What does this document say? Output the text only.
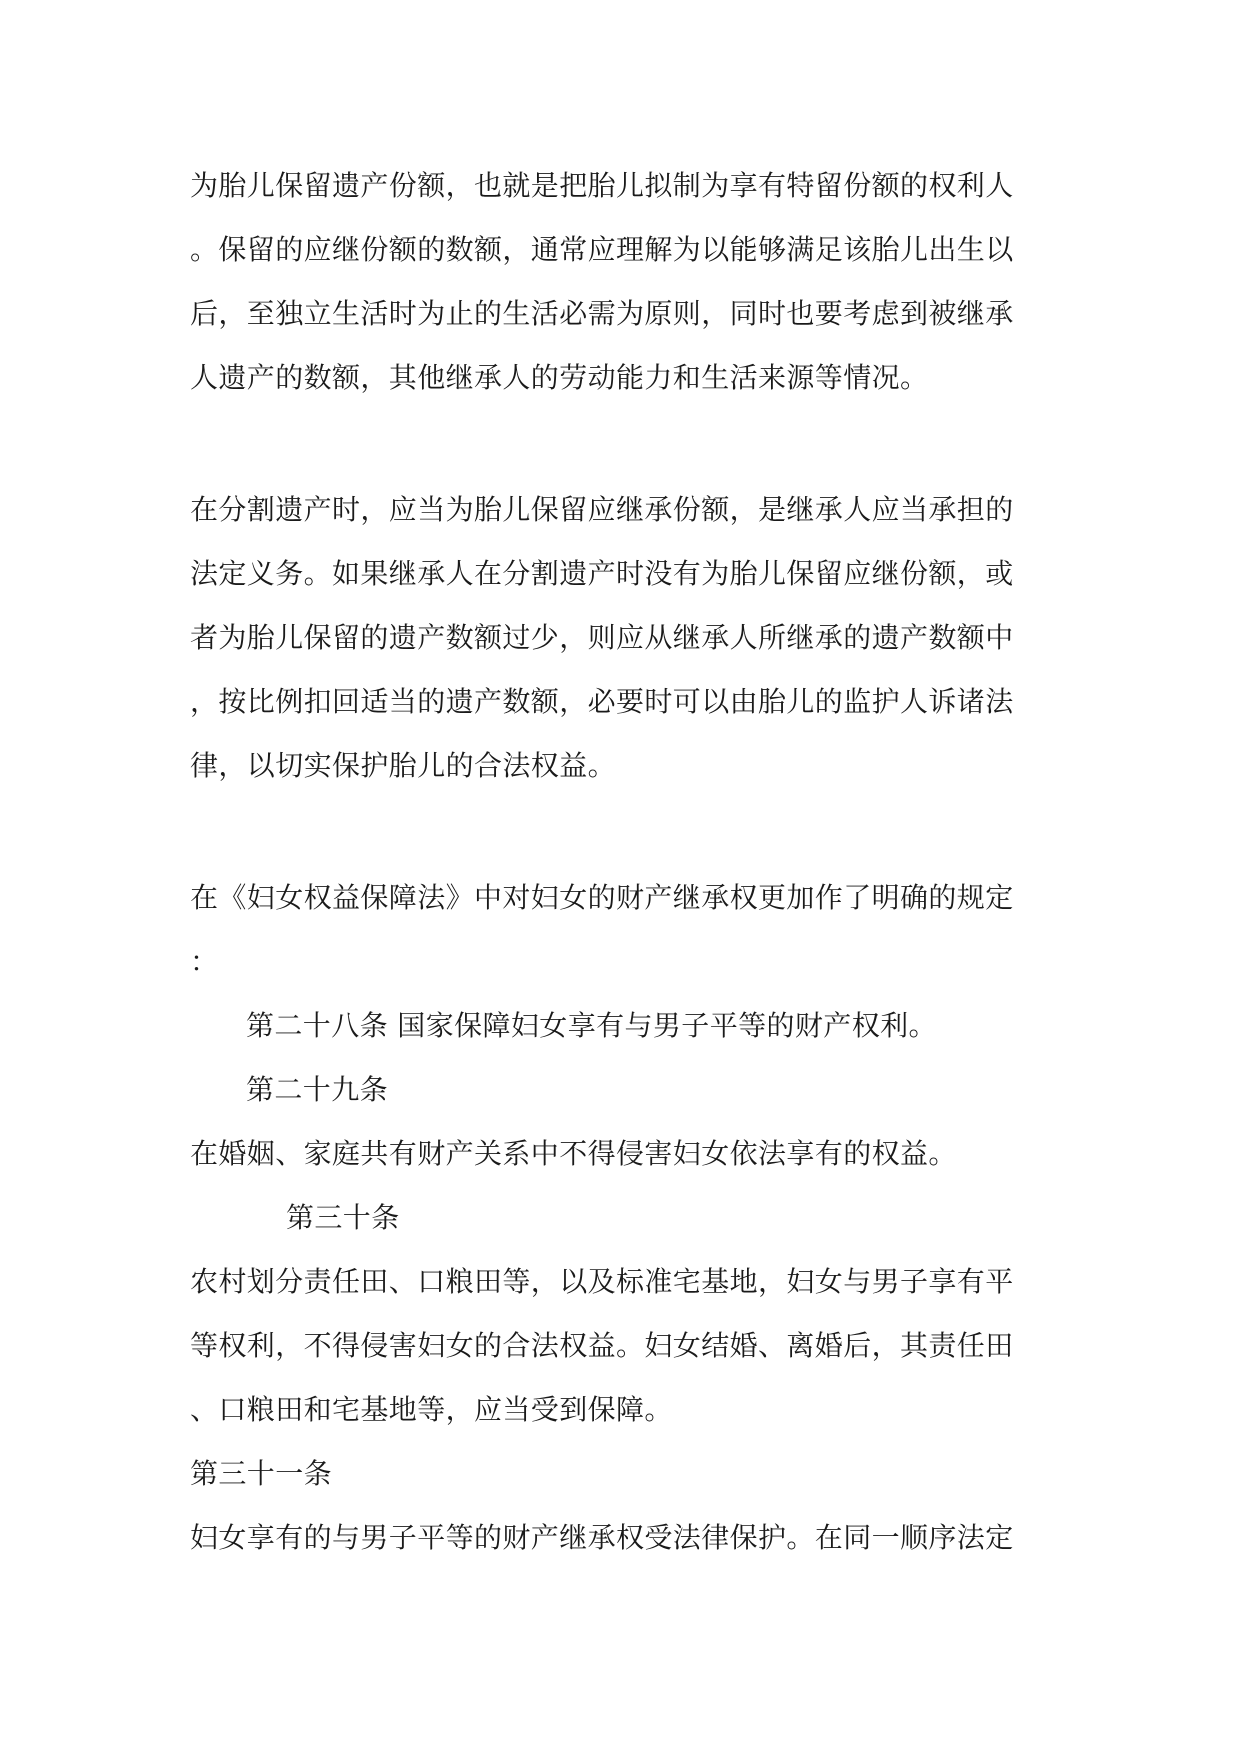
为胎儿保留遗产份额，也就是把胎儿拟制为享有特留份额的权利人
。保留的应继份额的数额，通常应理解为以能够满足该胎儿出生以
后，至独立生活时为止的生活必需为原则，同时也要考虑到被继承
人遗产的数额，其他继承人的劳动能力和生活来源等情况。
在分割遗产时，应当为胎儿保留应继承份额，是继承人应当承担的
法定义务。如果继承人在分割遗产时没有为胎儿保留应继份额，或
者为胎儿保留的遗产数额过少，则应从继承人所继承的遗产数额中
，按比例扣回适当的遗产数额，必要时可以由胎儿的监护人诉诸法
律，以切实保护胎儿的合法权益。
在《妇女权益保障法》中对妇女的财产继承权更加作了明确的规定
：
第二十八条 国家保障妇女享有与男子平等的财产权利。
第二十九条
在婚姻、家庭共有财产关系中不得侵害妇女依法享有的权益。
第三十条
农村划分责任田、口粮田等，以及标准宅基地，妇女与男子享有平
等权利，不得侵害妇女的合法权益。妇女结婚、离婚后，其责任田
、口粮田和宅基地等，应当受到保障。
第三十一条
妇女享有的与男子平等的财产继承权受法律保护。在同一顺序法定
